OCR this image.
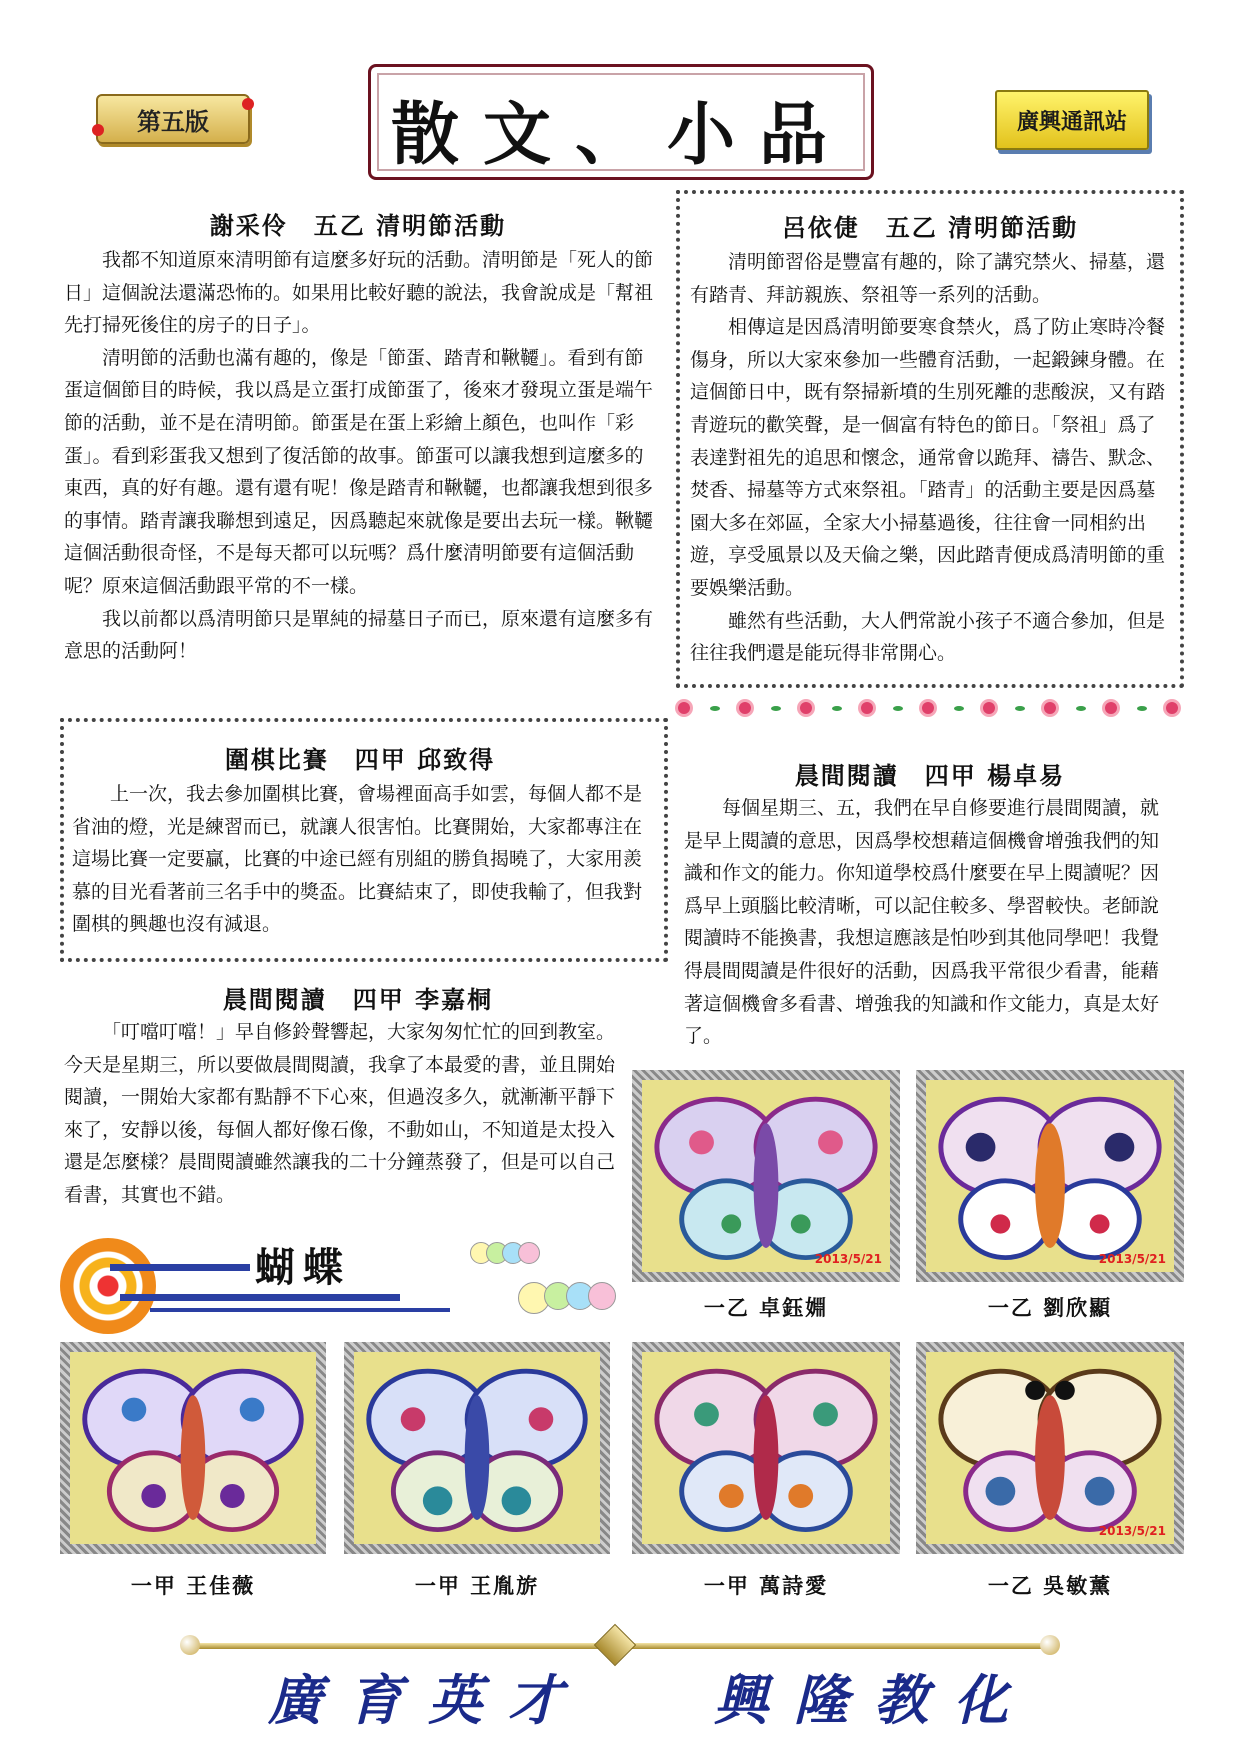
第五版	散文、小品	廣興通訊站
謝采伶　五乙 清明節活動

我都不知道原來清明節有這麼多好玩的活動。清明節是「死人的節日」這個說法還滿恐怖的。如果用比較好聽的說法，我會說成是「幫祖先打掃死後住的房子的日子」。

清明節的活動也滿有趣的，像是「節蛋、踏青和鞦韆」。看到有節蛋這個節目的時候，我以爲是立蛋打成節蛋了，後來才發現立蛋是端午節的活動，並不是在清明節。節蛋是在蛋上彩繪上顏色，也叫作「彩蛋」。看到彩蛋我又想到了復活節的故事。節蛋可以讓我想到這麼多的東西，真的好有趣。還有還有呢！像是踏青和鞦韆，也都讓我想到很多的事情。踏青讓我聯想到遠足，因爲聽起來就像是要出去玩一樣。鞦韆這個活動很奇怪，不是每天都可以玩嗎？爲什麼清明節要有這個活動呢？原來這個活動跟平常的不一樣。

我以前都以爲清明節只是單純的掃墓日子而已，原來還有這麼多有意思的活動阿！

呂依倢　五乙 清明節活動

清明節習俗是豐富有趣的，除了講究禁火、掃墓，還有踏青、拜訪親族、祭祖等一系列的活動。

相傳這是因爲清明節要寒食禁火，爲了防止寒時冷餐傷身，所以大家來參加一些體育活動，一起鍛鍊身體。在這個節日中，既有祭掃新墳的生別死離的悲酸淚，又有踏青遊玩的歡笑聲，是一個富有特色的節日。「祭祖」爲了表達對祖先的追思和懷念，通常會以跪拜、禱告、默念、焚香、掃墓等方式來祭祖。「踏青」的活動主要是因爲墓園大多在郊區，全家大小掃墓過後，往往會一同相約出遊，享受風景以及天倫之樂，因此踏青便成爲清明節的重要娛樂活動。

雖然有些活動，大人們常說小孩子不適合參加，但是往往我們還是能玩得非常開心。

圍棋比賽　四甲 邱致得

上一次，我去參加圍棋比賽，會場裡面高手如雲，每個人都不是省油的燈，光是練習而已，就讓人很害怕。比賽開始，大家都專注在這場比賽一定要贏，比賽的中途已經有別組的勝負揭曉了，大家用羨慕的目光看著前三名手中的獎盃。比賽結束了，即使我輸了，但我對圍棋的興趣也沒有減退。

晨間閱讀　四甲 楊卓易

每個星期三、五，我們在早自修要進行晨間閱讀，就是早上閱讀的意思，因爲學校想藉這個機會增強我們的知識和作文的能力。你知道學校爲什麼要在早上閱讀呢？因爲早上頭腦比較清晰，可以記住較多、學習較快。老師說閱讀時不能換書，我想這應該是怕吵到其他同學吧！我覺得晨間閱讀是件很好的活動，因爲我平常很少看書，能藉著這個機會多看書、增強我的知識和作文能力，真是太好了。

晨間閱讀　四甲 李嘉桐

「叮噹叮噹！」早自修鈴聲響起，大家匆匆忙忙的回到教室。今天是星期三，所以要做晨間閱讀，我拿了本最愛的書，並且開始閱讀，一開始大家都有點靜不下心來，但過沒多久，就漸漸平靜下來了，安靜以後，每個人都好像石像，不動如山，不知道是太投入還是怎麼樣？晨間閱讀雖然讓我的二十分鐘蒸發了，但是可以自己看書，其實也不錯。

蝴蝶	2013/5/21
一乙 卓鈺婣
2013/5/21
一乙 劉欣顯
一甲 王佳薇	一甲 王胤旂	一甲 萬詩愛
2013/5/21
一乙 吳敏薰
廣育英才 興隆教化
